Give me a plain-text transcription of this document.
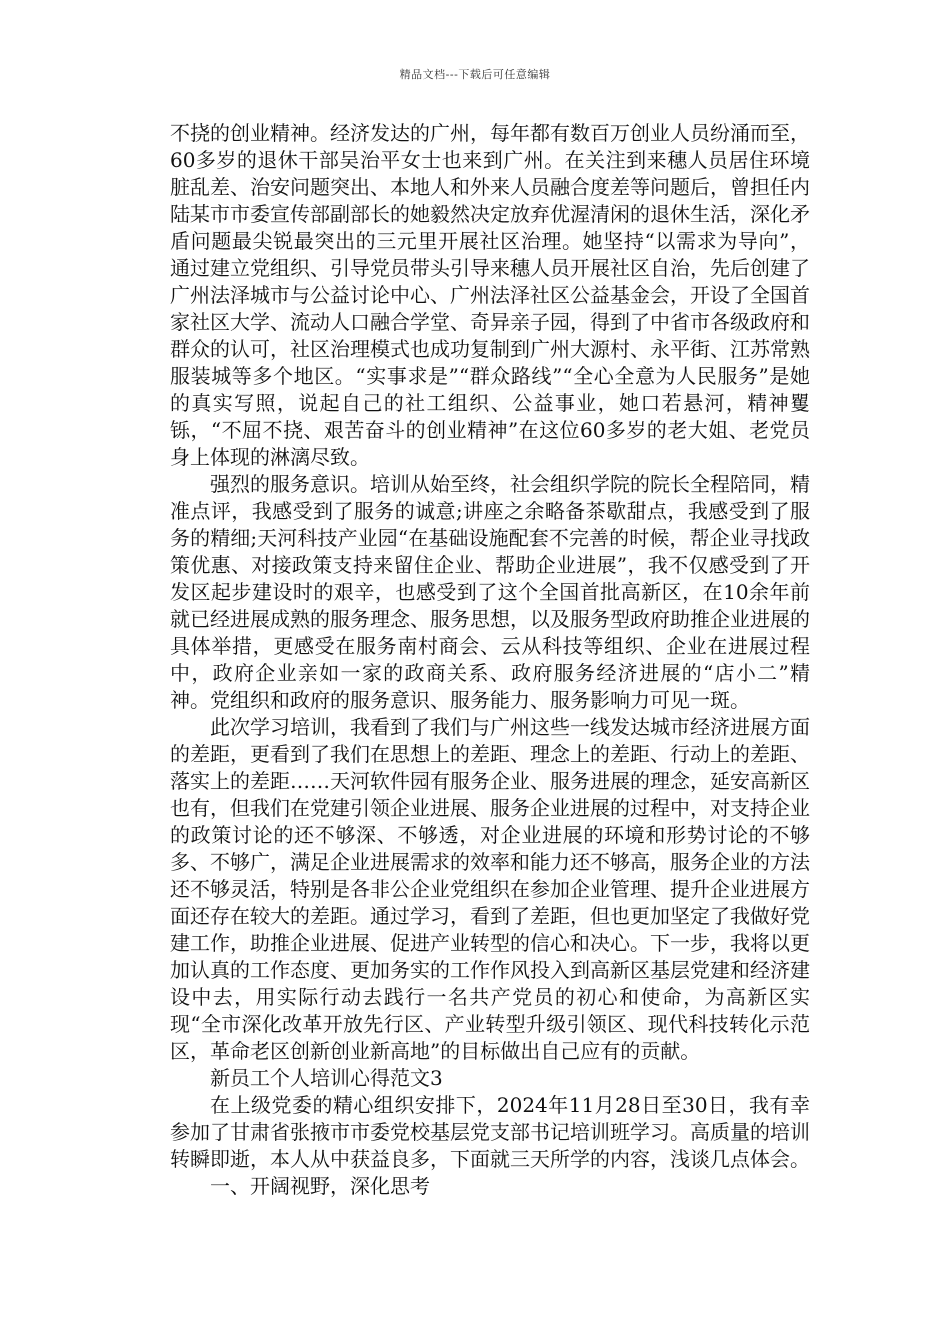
精品文档---下载后可任意编辑

不挠的创业精神。经济发达的广州，每年都有数百万创业人员纷涌而至，60多岁的退休干部吴治平女士也来到广州。在关注到来穗人员居住环境脏乱差、治安问题突出、本地人和外来人员融合度差等问题后，曾担任内陆某市市委宣传部副部长的她毅然决定放弃优渥清闲的退休生活，深化矛盾问题最尖锐最突出的三元里开展社区治理。她坚持“以需求为导向”，通过建立党组织、引导党员带头引导来穗人员开展社区自治，先后创建了广州法泽城市与公益讨论中心、广州法泽社区公益基金会，开设了全国首家社区大学、流动人口融合学堂、奇异亲子园，得到了中省市各级政府和群众的认可，社区治理模式也成功复制到广州大源村、永平街、江苏常熟服装城等多个地区。“实事求是”“群众路线”“全心全意为人民服务”是她的真实写照，说起自己的社工组织、公益事业，她口若悬河，精神矍铄，“不屈不挠、艰苦奋斗的创业精神”在这位60多岁的老大姐、老党员身上体现的淋漓尽致。

强烈的服务意识。培训从始至终，社会组织学院的院长全程陪同，精准点评，我感受到了服务的诚意;讲座之余略备茶歇甜点，我感受到了服务的精细;天河科技产业园“在基础设施配套不完善的时候，帮企业寻找政策优惠、对接政策支持来留住企业、帮助企业进展”，我不仅感受到了开发区起步建设时的艰辛，也感受到了这个全国首批高新区，在10余年前就已经进展成熟的服务理念、服务思想，以及服务型政府助推企业进展的具体举措，更感受在服务南村商会、云从科技等组织、企业在进展过程中，政府企业亲如一家的政商关系、政府服务经济进展的“店小二”精神。党组织和政府的服务意识、服务能力、服务影响力可见一斑。

此次学习培训，我看到了我们与广州这些一线发达城市经济进展方面的差距，更看到了我们在思想上的差距、理念上的差距、行动上的差距、落实上的差距……天河软件园有服务企业、服务进展的理念，延安高新区也有，但我们在党建引领企业进展、服务企业进展的过程中，对支持企业的政策讨论的还不够深、不够透，对企业进展的环境和形势讨论的不够多、不够广，满足企业进展需求的效率和能力还不够高，服务企业的方法还不够灵活，特别是各非公企业党组织在参加企业管理、提升企业进展方面还存在较大的差距。通过学习，看到了差距，但也更加坚定了我做好党建工作，助推企业进展、促进产业转型的信心和决心。下一步，我将以更加认真的工作态度、更加务实的工作作风投入到高新区基层党建和经济建设中去，用实际行动去践行一名共产党员的初心和使命，为高新区实现“全市深化改革开放先行区、产业转型升级引领区、现代科技转化示范区，革命老区创新创业新高地”的目标做出自己应有的贡献。

新员工个人培训心得范文3

在上级党委的精心组织安排下，2024年11月28日至30日，我有幸参加了甘肃省张掖市市委党校基层党支部书记培训班学习。高质量的培训转瞬即逝，本人从中获益良多，下面就三天所学的内容，浅谈几点体会。

一、开阔视野，深化思考
